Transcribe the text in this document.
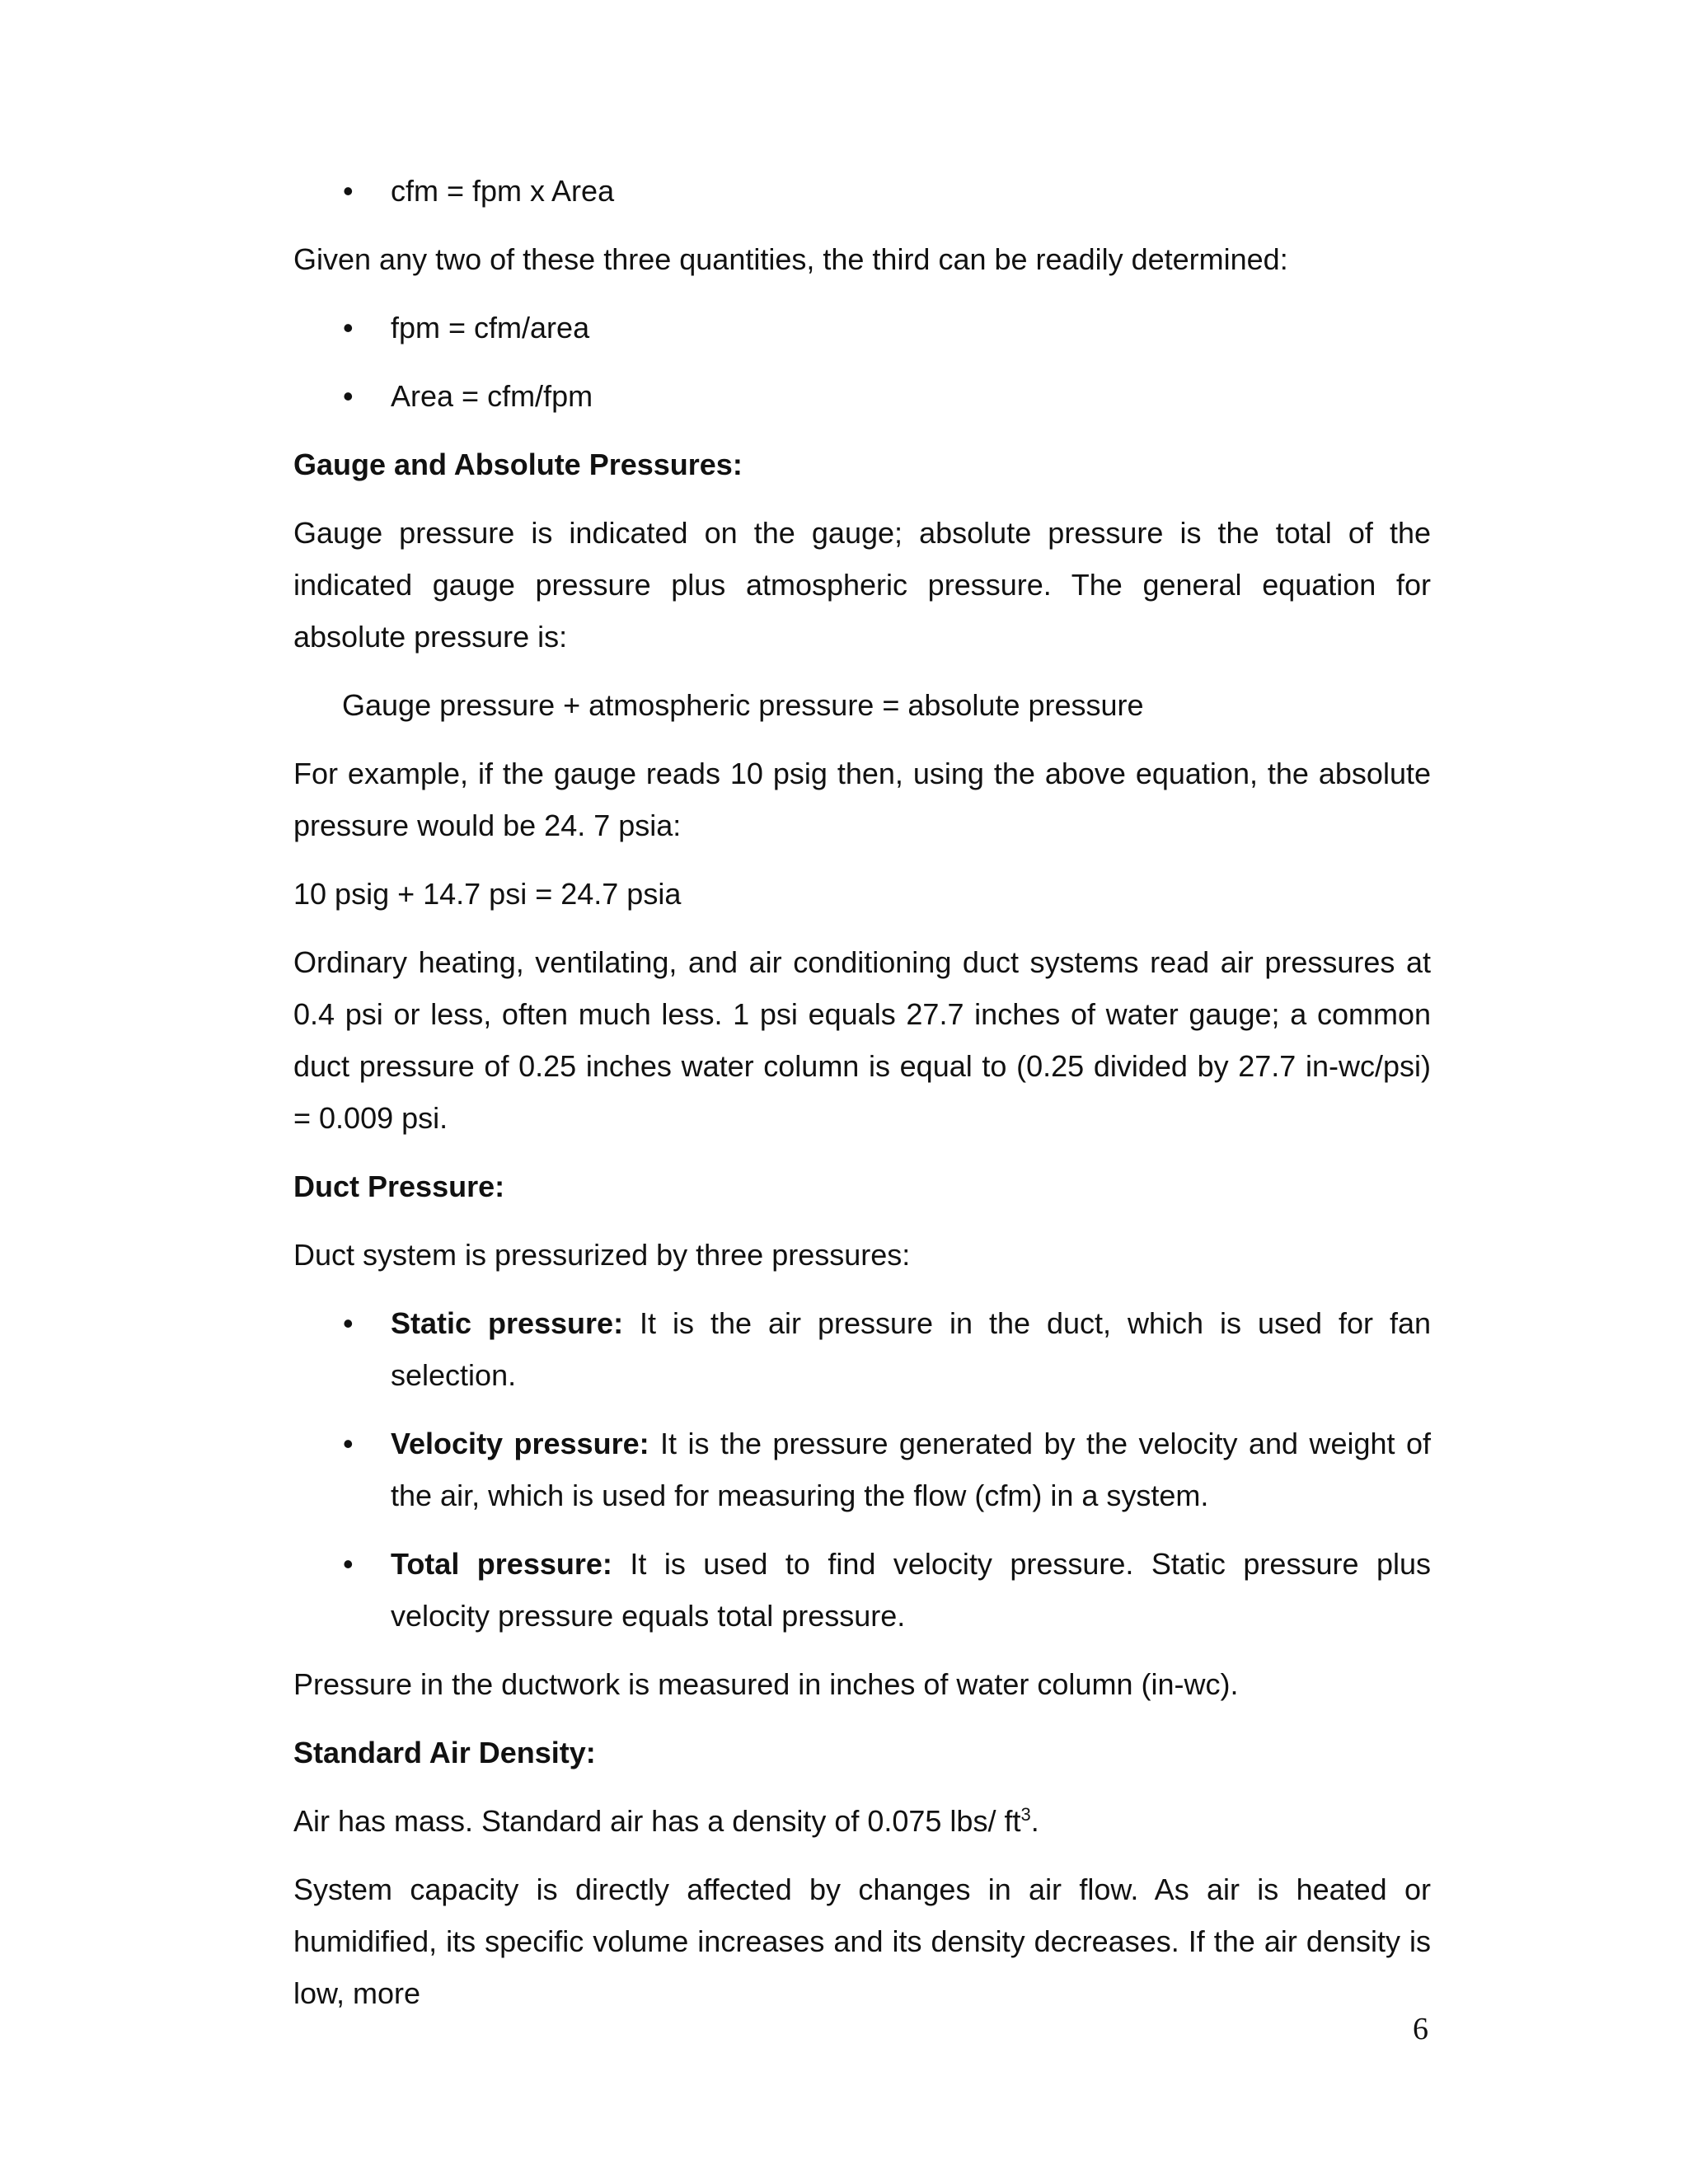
• cfm = fpm x Area

Given any two of these three quantities, the third can be readily determined:

• fpm = cfm/area
• Area = cfm/fpm
Gauge and Absolute Pressures:

Gauge pressure is indicated on the gauge; absolute pressure is the total of the indicated gauge pressure plus atmospheric pressure. The general equation for absolute pressure is:

Gauge pressure + atmospheric pressure = absolute pressure

For example, if the gauge reads 10 psig then, using the above equation, the absolute pressure would be 24. 7 psia:

10 psig + 14.7 psi = 24.7 psia

Ordinary heating, ventilating, and air conditioning duct systems read air pressures at 0.4 psi or less, often much less. 1 psi equals 27.7 inches of water gauge; a common duct pressure of 0.25 inches water column is equal to (0.25 divided by 27.7 in-wc/psi) = 0.009 psi.

Duct Pressure:

Duct system is pressurized by three pressures:

• Static pressure: It is the air pressure in the duct, which is used for fan selection.
• Velocity pressure: It is the pressure generated by the velocity and weight of the air, which is used for measuring the flow (cfm) in a system.
• Total pressure: It is used to find velocity pressure. Static pressure plus velocity pressure equals total pressure.

Pressure in the ductwork is measured in inches of water column (in-wc).

Standard Air Density:

Air has mass. Standard air has a density of 0.075 lbs/ $ft^3$.

System capacity is directly affected by changes in air flow. As air is heated or humidified, its specific volume increases and its density decreases. If the air density is low, more

6
